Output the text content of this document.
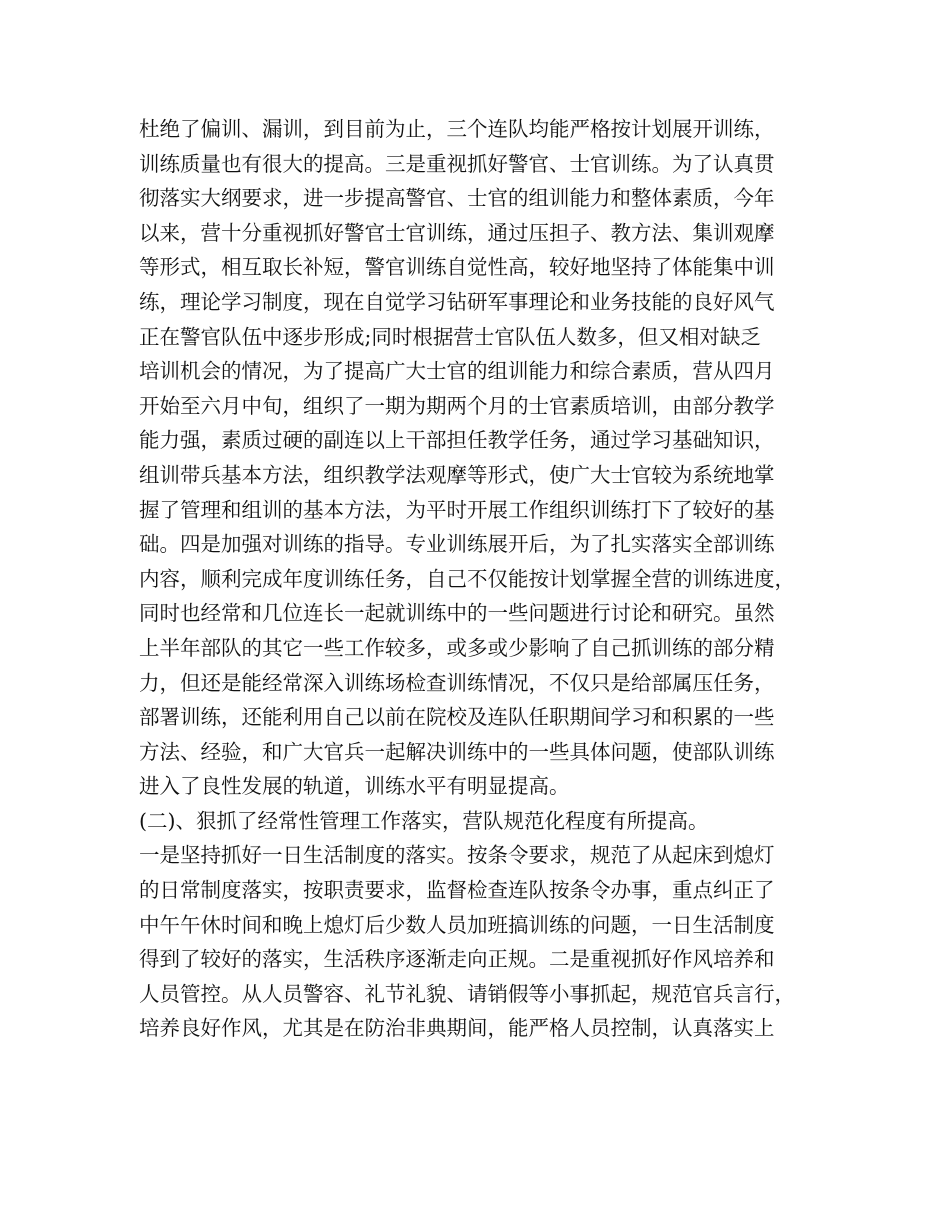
杜绝了偏训、漏训，到目前为止，三个连队均能严格按计划展开训练，
训练质量也有很大的提高。三是重视抓好警官、士官训练。为了认真贯
彻落实大纲要求，进一步提高警官、士官的组训能力和整体素质，今年
以来，营十分重视抓好警官士官训练，通过压担子、教方法、集训观摩
等形式，相互取长补短，警官训练自觉性高，较好地坚持了体能集中训
练，理论学习制度，现在自觉学习钻研军事理论和业务技能的良好风气
正在警官队伍中逐步形成;同时根据营士官队伍人数多，但又相对缺乏
培训机会的情况，为了提高广大士官的组训能力和综合素质，营从四月
开始至六月中旬，组织了一期为期两个月的士官素质培训，由部分教学
能力强，素质过硬的副连以上干部担任教学任务，通过学习基础知识，
组训带兵基本方法，组织教学法观摩等形式，使广大士官较为系统地掌
握了管理和组训的基本方法，为平时开展工作组织训练打下了较好的基
础。四是加强对训练的指导。专业训练展开后，为了扎实落实全部训练
内容，顺利完成年度训练任务，自己不仅能按计划掌握全营的训练进度，
同时也经常和几位连长一起就训练中的一些问题进行讨论和研究。虽然
上半年部队的其它一些工作较多，或多或少影响了自己抓训练的部分精
力，但还是能经常深入训练场检查训练情况，不仅只是给部属压任务，
部署训练，还能利用自己以前在院校及连队任职期间学习和积累的一些
方法、经验，和广大官兵一起解决训练中的一些具体问题，使部队训练
进入了良性发展的轨道，训练水平有明显提高。
(二)、狠抓了经常性管理工作落实，营队规范化程度有所提高。
一是坚持抓好一日生活制度的落实。按条令要求，规范了从起床到熄灯
的日常制度落实，按职责要求，监督检查连队按条令办事，重点纠正了
中午午休时间和晚上熄灯后少数人员加班搞训练的问题，一日生活制度
得到了较好的落实，生活秩序逐渐走向正规。二是重视抓好作风培养和
人员管控。从人员警容、礼节礼貌、请销假等小事抓起，规范官兵言行，
培养良好作风，尤其是在防治非典期间，能严格人员控制，认真落实上
